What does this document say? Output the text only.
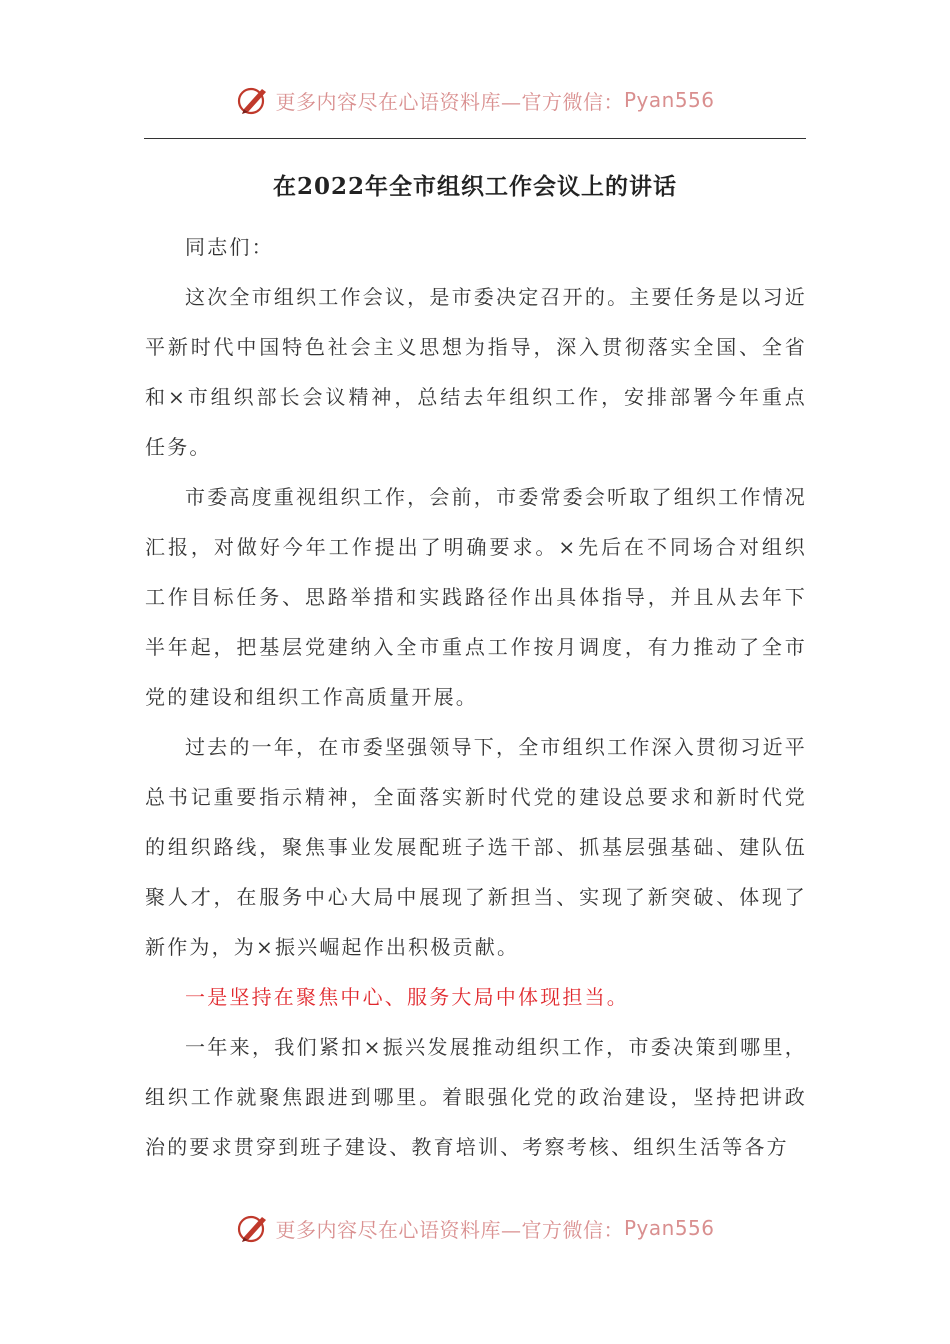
更多内容尽在心语资料库—官方微信： Pyan556
在2022年全市组织工作会议上的讲话

同志们：

这次全市组织工作会议，是市委决定召开的。主要任务是以习近平新时代中国特色社会主义思想为指导，深入贯彻落实全国、全省和×市组织部长会议精神，总结去年组织工作，安排部署今年重点任务。

市委高度重视组织工作，会前，市委常委会听取了组织工作情况汇报，对做好今年工作提出了明确要求。×先后在不同场合对组织工作目标任务、思路举措和实践路径作出具体指导，并且从去年下半年起，把基层党建纳入全市重点工作按月调度，有力推动了全市党的建设和组织工作高质量开展。

过去的一年，在市委坚强领导下，全市组织工作深入贯彻习近平总书记重要指示精神，全面落实新时代党的建设总要求和新时代党的组织路线，聚焦事业发展配班子选干部、抓基层强基础、建队伍聚人才，在服务中心大局中展现了新担当、实现了新突破、体现了新作为，为×振兴崛起作出积极贡献。

一是坚持在聚焦中心、服务大局中体现担当。

一年来，我们紧扣×振兴发展推动组织工作，市委决策到哪里，组织工作就聚焦跟进到哪里。着眼强化党的政治建设，坚持把讲政治的要求贯穿到班子建设、教育培训、考察考核、组织生活等各方

更多内容尽在心语资料库—官方微信： Pyan556
